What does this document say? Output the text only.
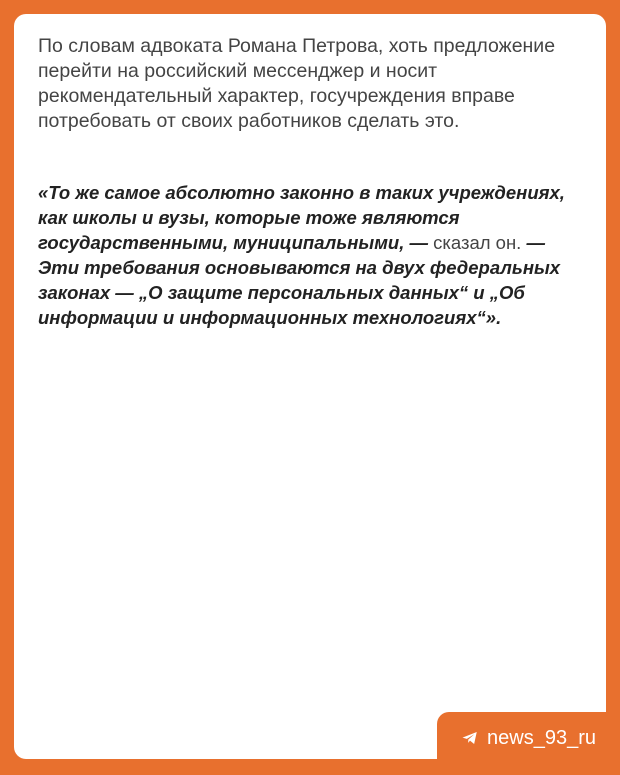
По словам адвоката Романа Петрова, хоть предложение перейти на российский мессенджер и носит рекомендательный характер, госучреждения вправе потребовать от своих работников сделать это.

«То же самое абсолютно законно в таких учреждениях, как школы и вузы, которые тоже являются государственными, муниципальными, — сказал он. — Эти требования основываются на двух федеральных законах — „О защите персональных данных“ и „Об информации и информационных технологиях“».

news_93_ru
